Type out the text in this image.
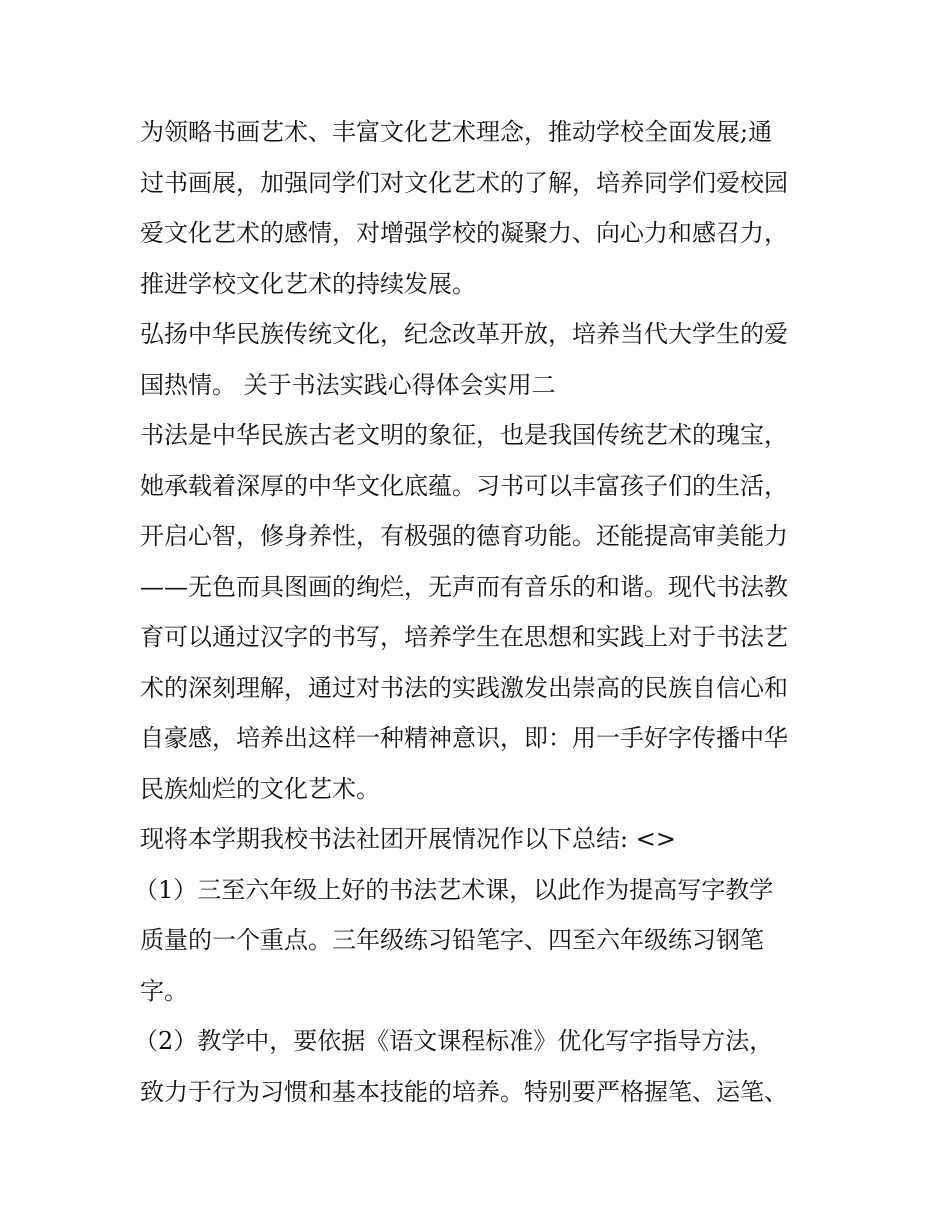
为领略书画艺术、丰富文化艺术理念，推动学校全面发展;通
过书画展，加强同学们对文化艺术的了解，培养同学们爱校园
爱文化艺术的感情，对增强学校的凝聚力、向心力和感召力，
推进学校文化艺术的持续发展。
弘扬中华民族传统文化，纪念改革开放，培养当代大学生的爱
国热情。 关于书法实践心得体会实用二
书法是中华民族古老文明的象征，也是我国传统艺术的瑰宝，
她承载着深厚的中华文化底蕴。习书可以丰富孩子们的生活，
开启心智，修身养性，有极强的德育功能。还能提高审美能力
——无色而具图画的绚烂，无声而有音乐的和谐。现代书法教
育可以通过汉字的书写，培养学生在思想和实践上对于书法艺
术的深刻理解，通过对书法的实践激发出崇高的民族自信心和
自豪感，培养出这样一种精神意识，即：用一手好字传播中华
民族灿烂的文化艺术。
现将本学期我校书法社团开展情况作以下总结: <>
（1）三至六年级上好的书法艺术课，以此作为提高写字教学
质量的一个重点。三年级练习铅笔字、四至六年级练习钢笔
字。
（2）教学中，要依据《语文课程标准》优化写字指导方法，
致力于行为习惯和基本技能的培养。特别要严格握笔、运笔、
